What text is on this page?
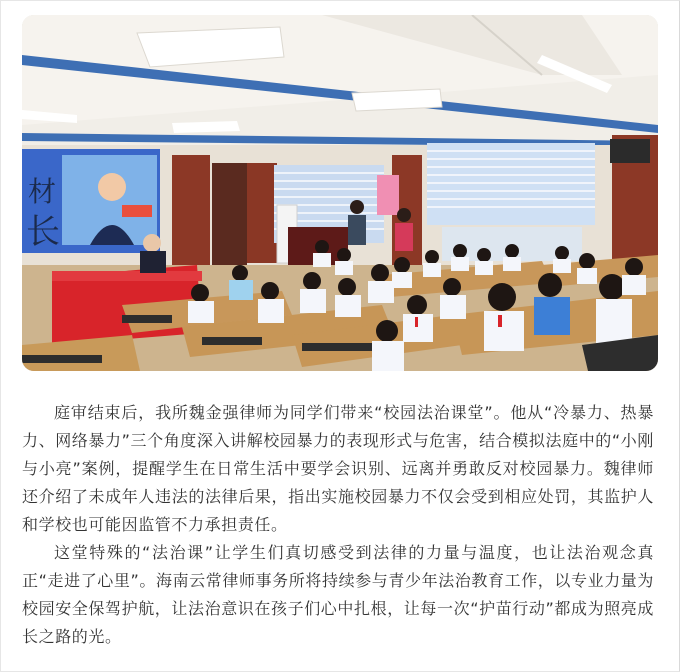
材
长

庭审结束后，我所魏金强律师为同学们带来“校园法治课堂”。他从“冷暴力、热暴力、网络暴力”三个角度深入讲解校园暴力的表现形式与危害，结合模拟法庭中的“小刚与小亮”案例，提醒学生在日常生活中要学会识别、远离并勇敢反对校园暴力。魏律师还介绍了未成年人违法的法律后果，指出实施校园暴力不仅会受到相应处罚，其监护人和学校也可能因监管不力承担责任。

这堂特殊的“法治课”让学生们真切感受到法律的力量与温度，也让法治观念真正“走进了心里”。海南云常律师事务所将持续参与青少年法治教育工作，以专业力量为校园安全保驾护航，让法治意识在孩子们心中扎根，让每一次“护苗行动”都成为照亮成长之路的光。
